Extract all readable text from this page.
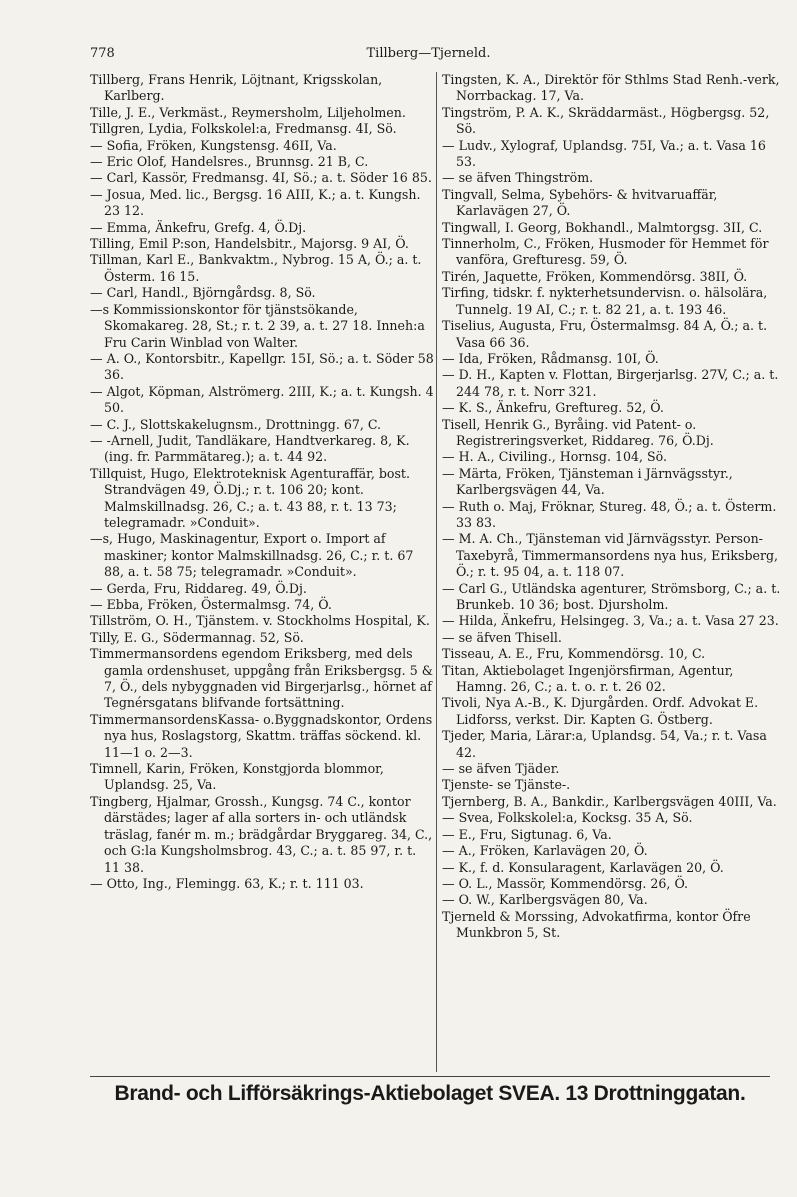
778	Tillberg—Tjerneld.

Tillberg, Frans Henrik, Löjtnant, Krigsskolan, Karlberg.

Tille, J. E., Verkmäst., Reymersholm, Liljeholmen.

Tillgren, Lydia, Folkskolel:a, Fredmansg. 4I, Sö.

— Sofia, Fröken, Kungstensg. 46II, Va.

— Eric Olof, Handelsres., Brunnsg. 21 B, C.

— Carl, Kassör, Fredmansg. 4I, Sö.; a. t. Söder 16 85.

— Josua, Med. lic., Bergsg. 16 AIII, K.; a. t. Kungsh. 23 12.

— Emma, Änkefru, Grefg. 4, Ö.Dj.

Tilling, Emil P:son, Handelsbitr., Majorsg. 9 AI, Ö.

Tillman, Karl E., Bankvaktm., Nybrog. 15 A, Ö.; a. t. Österm. 16 15.

— Carl, Handl., Björngårdsg. 8, Sö.

—s Kommissionskontor för tjänstsökande, Skomakareg. 28, St.; r. t. 2 39, a. t. 27 18. Inneh:a Fru Carin Winblad von Walter.

— A. O., Kontorsbitr., Kapellgr. 15I, Sö.; a. t. Söder 58 36.

— Algot, Köpman, Alströmerg. 2III, K.; a. t. Kungsh. 4 50.

— C. J., Slottskakelugnsm., Drottningg. 67, C.

— -Arnell, Judit, Tandläkare, Handtverkareg. 8, K. (ing. fr. Parmmätareg.); a. t. 44 92.

Tillquist, Hugo, Elektroteknisk Agenturaffär, bost. Strandvägen 49, Ö.Dj.; r. t. 106 20; kont. Malmskillnadsg. 26, C.; a. t. 43 88, r. t. 13 73; telegramadr. »Conduit».

—s, Hugo, Maskinagentur, Export o. Import af maskiner; kontor Malmskillnadsg. 26, C.; r. t. 67 88, a. t. 58 75; telegramadr. »Conduit».

— Gerda, Fru, Riddareg. 49, Ö.Dj.

— Ebba, Fröken, Östermalmsg. 74, Ö.

Tillström, O. H., Tjänstem. v. Stockholms Hospital, K.

Tilly, E. G., Södermannag. 52, Sö.

Timmermansordens egendom Eriksberg, med dels gamla ordenshuset, uppgång från Eriksbergsg. 5 & 7, Ö., dels nybyggnaden vid Birgerjarlsg., hörnet af Tegnérsgatans blifvande fortsättning.

TimmermansordensKassa- o.Byggnadskontor, Ordens nya hus, Roslagstorg, Skattm. träffas söckend. kl. 11—1 o. 2—3.

Timnell, Karin, Fröken, Konstgjorda blommor, Uplandsg. 25, Va.

Tingberg, Hjalmar, Grossh., Kungsg. 74 C., kontor därstädes; lager af alla sorters in- och utländsk träslag, fanér m. m.; brädgårdar Bryggareg. 34, C., och G:la Kungsholmsbrog. 43, C.; a. t. 85 97, r. t. 11 38.

— Otto, Ing., Flemingg. 63, K.; r. t. 111 03.

Tingsten, K. A., Direktör för Sthlms Stad Renh.-verk, Norrbackag. 17, Va.

Tingström, P. A. K., Skräddarmäst., Högbergsg. 52, Sö.

— Ludv., Xylograf, Uplandsg. 75I, Va.; a. t. Vasa 16 53.

— se äfven Thingström.

Tingvall, Selma, Sybehörs- & hvitvaruaffär, Karlavägen 27, Ö.

Tingwall, I. Georg, Bokhandl., Malmtorgsg. 3II, C.

Tinnerholm, C., Fröken, Husmoder för Hemmet för vanföra, Grefturesg. 59, Ö.

Tirén, Jaquette, Fröken, Kommendörsg. 38II, Ö.

Tirfing, tidskr. f. nykterhetsundervisn. o. hälsolära, Tunnelg. 19 AI, C.; r. t. 82 21, a. t. 193 46.

Tiselius, Augusta, Fru, Östermalmsg. 84 A, Ö.; a. t. Vasa 66 36.

— Ida, Fröken, Rådmansg. 10I, Ö.

— D. H., Kapten v. Flottan, Birgerjarlsg. 27V, C.; a. t. 244 78, r. t. Norr 321.

— K. S., Änkefru, Greftureg. 52, Ö.

Tisell, Henrik G., Byråing. vid Patent- o. Registreringsverket, Riddareg. 76, Ö.Dj.

— H. A., Civiling., Hornsg. 104, Sö.

— Märta, Fröken, Tjänsteman i Järnvägsstyr., Karlbergsvägen 44, Va.

— Ruth o. Maj, Fröknar, Stureg. 48, Ö.; a. t. Österm. 33 83.

— M. A. Ch., Tjänsteman vid Järnvägsstyr. Person-Taxebyrå, Timmermansordens nya hus, Eriksberg, Ö.; r. t. 95 04, a. t. 118 07.

— Carl G., Utländska agenturer, Strömsborg, C.; a. t. Brunkeb. 10 36; bost. Djursholm.

— Hilda, Änkefru, Helsingeg. 3, Va.; a. t. Vasa 27 23.

— se äfven Thisell.

Tisseau, A. E., Fru, Kommendörsg. 10, C.

Titan, Aktiebolaget Ingenjörsfirman, Agentur, Hamng. 26, C.; a. t. o. r. t. 26 02.

Tivoli, Nya A.-B., K. Djurgården. Ordf. Advokat E. Lidforss, verkst. Dir. Kapten G. Östberg.

Tjeder, Maria, Lärar:a, Uplandsg. 54, Va.; r. t. Vasa 42.

— se äfven Tjäder.

Tjenste- se Tjänste-.

Tjernberg, B. A., Bankdir., Karlbergsvägen 40III, Va.

— Svea, Folkskolel:a, Kocksg. 35 A, Sö.

— E., Fru, Sigtunag. 6, Va.

— A., Fröken, Karlavägen 20, Ö.

— K., f. d. Konsularagent, Karlavägen 20, Ö.

— O. L., Massör, Kommendörsg. 26, Ö.

— O. W., Karlbergsvägen 80, Va.

Tjerneld & Morssing, Advokatfirma, kontor Öfre Munkbron 5, St.

Brand- och Lifförsäkrings-Aktiebolaget SVEA. 13 Drottninggatan.
